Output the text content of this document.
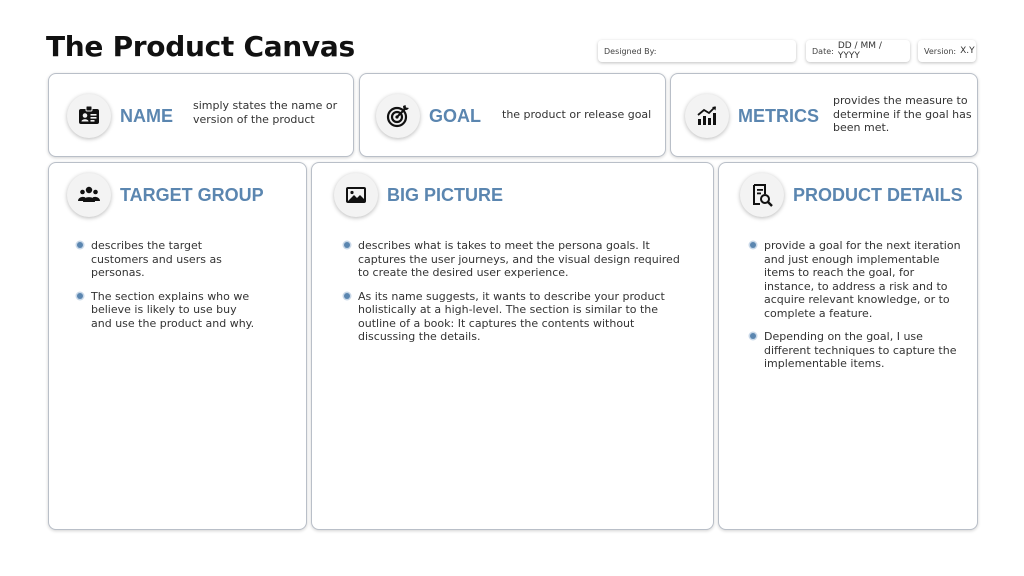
The Product Canvas	Designed By:	Date: DD / MM / YYYY	Version: X.Y
NAME
simply states the name or version of the product	GOAL the product or release goal	METRICS
provides the measure to determine if the goal has been met.
TARGET GROUP
describes the target customers and users as personas.
The section explains who we believe is likely to use buy and use the product and why.
BIG PICTURE
describes what is takes to meet the persona goals. It captures the user journeys, and the visual design required to create the desired user experience.
As its name suggests, it wants to describe your product holistically at a high-level. The section is similar to the outline of a book: It captures the contents without discussing the details.
PRODUCT DETAILS
provide a goal for the next iteration and just enough implementable items to reach the goal, for instance, to address a risk and to acquire relevant knowledge, or to complete a feature.
Depending on the goal, I use different techniques to capture the implementable items.
